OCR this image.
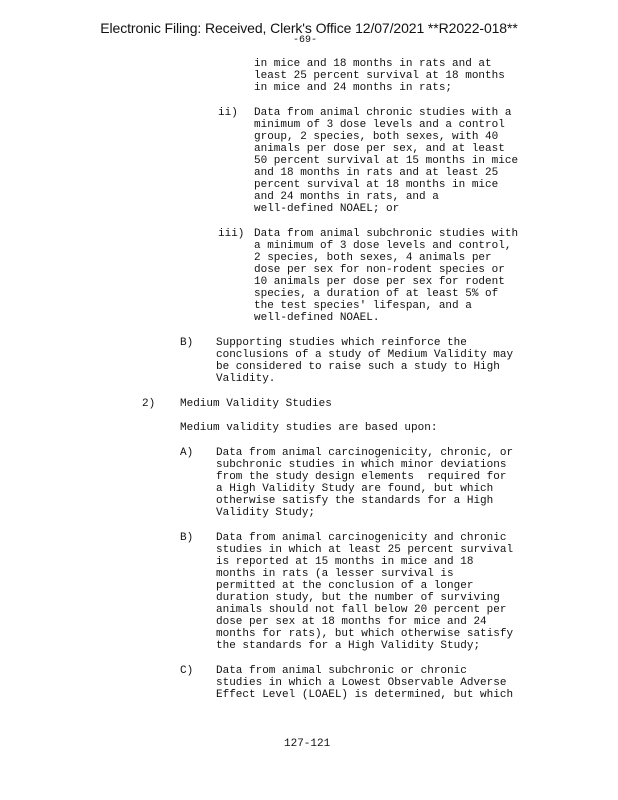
Electronic Filing: Received, Clerk's Office 12/07/2021 **R2022-018**
-69-
in mice and 18 months in rats and at
least 25 percent survival at 18 months
in mice and 24 months in rats;
ii) Data from animal chronic studies with a
minimum of 3 dose levels and a control
group, 2 species, both sexes, with 40
animals per dose per sex, and at least
50 percent survival at 15 months in mice
and 18 months in rats and at least 25
percent survival at 18 months in mice
and 24 months in rats, and a
well-defined NOAEL; or
iii) Data from animal subchronic studies with
a minimum of 3 dose levels and control,
2 species, both sexes, 4 animals per
dose per sex for non-rodent species or
10 animals per dose per sex for rodent
species, a duration of at least 5% of
the test species' lifespan, and a
well-defined NOAEL.
B) Supporting studies which reinforce the
conclusions of a study of Medium Validity may
be considered to raise such a study to High
Validity.
2) Medium Validity Studies
Medium validity studies are based upon:
A) Data from animal carcinogenicity, chronic, or
subchronic studies in which minor deviations
from the study design elements  required for
a High Validity Study are found, but which
otherwise satisfy the standards for a High
Validity Study;
B) Data from animal carcinogenicity and chronic
studies in which at least 25 percent survival
is reported at 15 months in mice and 18
months in rats (a lesser survival is
permitted at the conclusion of a longer
duration study, but the number of surviving
animals should not fall below 20 percent per
dose per sex at 18 months for mice and 24
months for rats), but which otherwise satisfy
the standards for a High Validity Study;
C) Data from animal subchronic or chronic
studies in which a Lowest Observable Adverse
Effect Level (LOAEL) is determined, but which
127-121
